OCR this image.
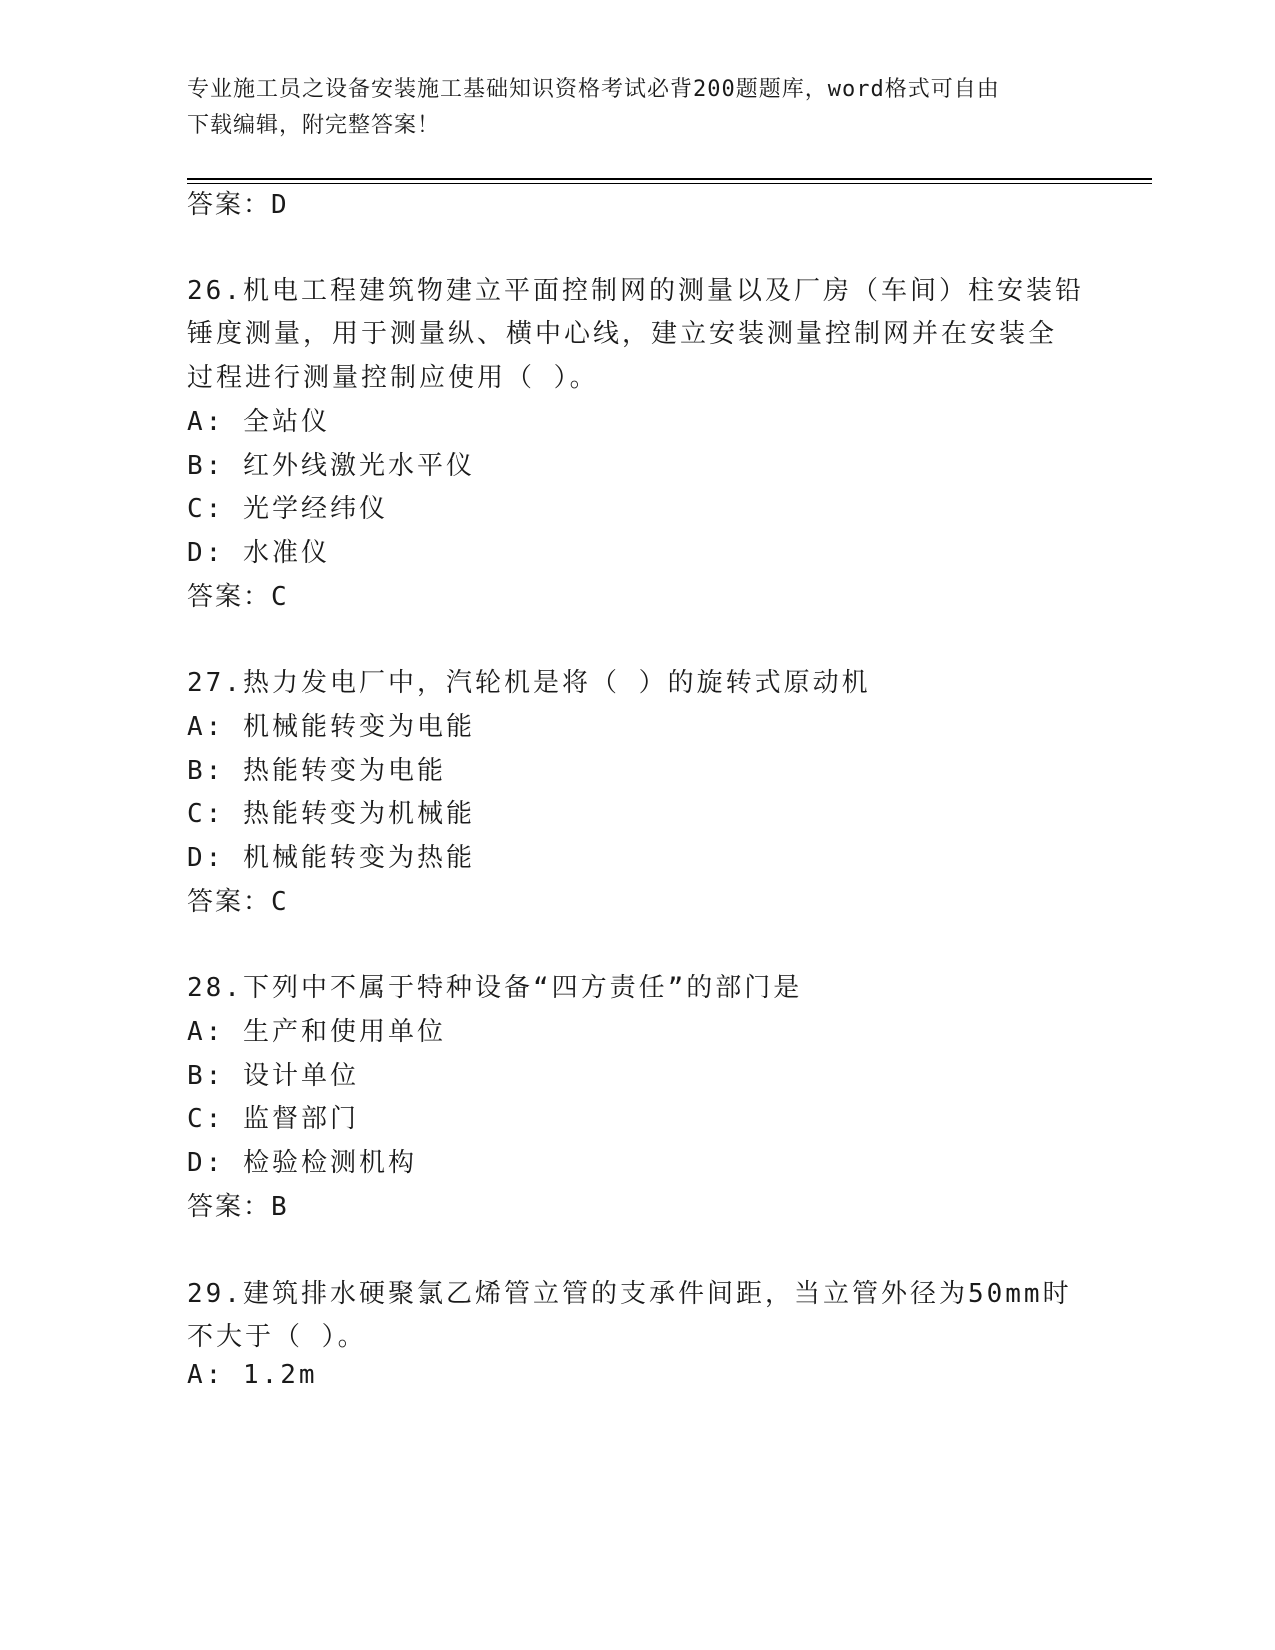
专业施工员之设备安装施工基础知识资格考试必背200题题库，word格式可自由
下载编辑，附完整答案！
答案：D
26.机电工程建筑物建立平面控制网的测量以及厂房（车间）柱安装铅
锤度测量，用于测量纵、横中心线，建立安装测量控制网并在安装全
过程进行测量控制应使用（ ）。
A: 全站仪
B: 红外线激光水平仪
C: 光学经纬仪
D: 水准仪
答案：C
27.热力发电厂中，汽轮机是将（ ）的旋转式原动机
A: 机械能转变为电能
B: 热能转变为电能
C: 热能转变为机械能
D: 机械能转变为热能
答案：C
28.下列中不属于特种设备“四方责任”的部门是
A: 生产和使用单位
B: 设计单位
C: 监督部门
D: 检验检测机构
答案：B
29.建筑排水硬聚氯乙烯管立管的支承件间距，当立管外径为50mm时
不大于（ ）。
A: 1.2m
